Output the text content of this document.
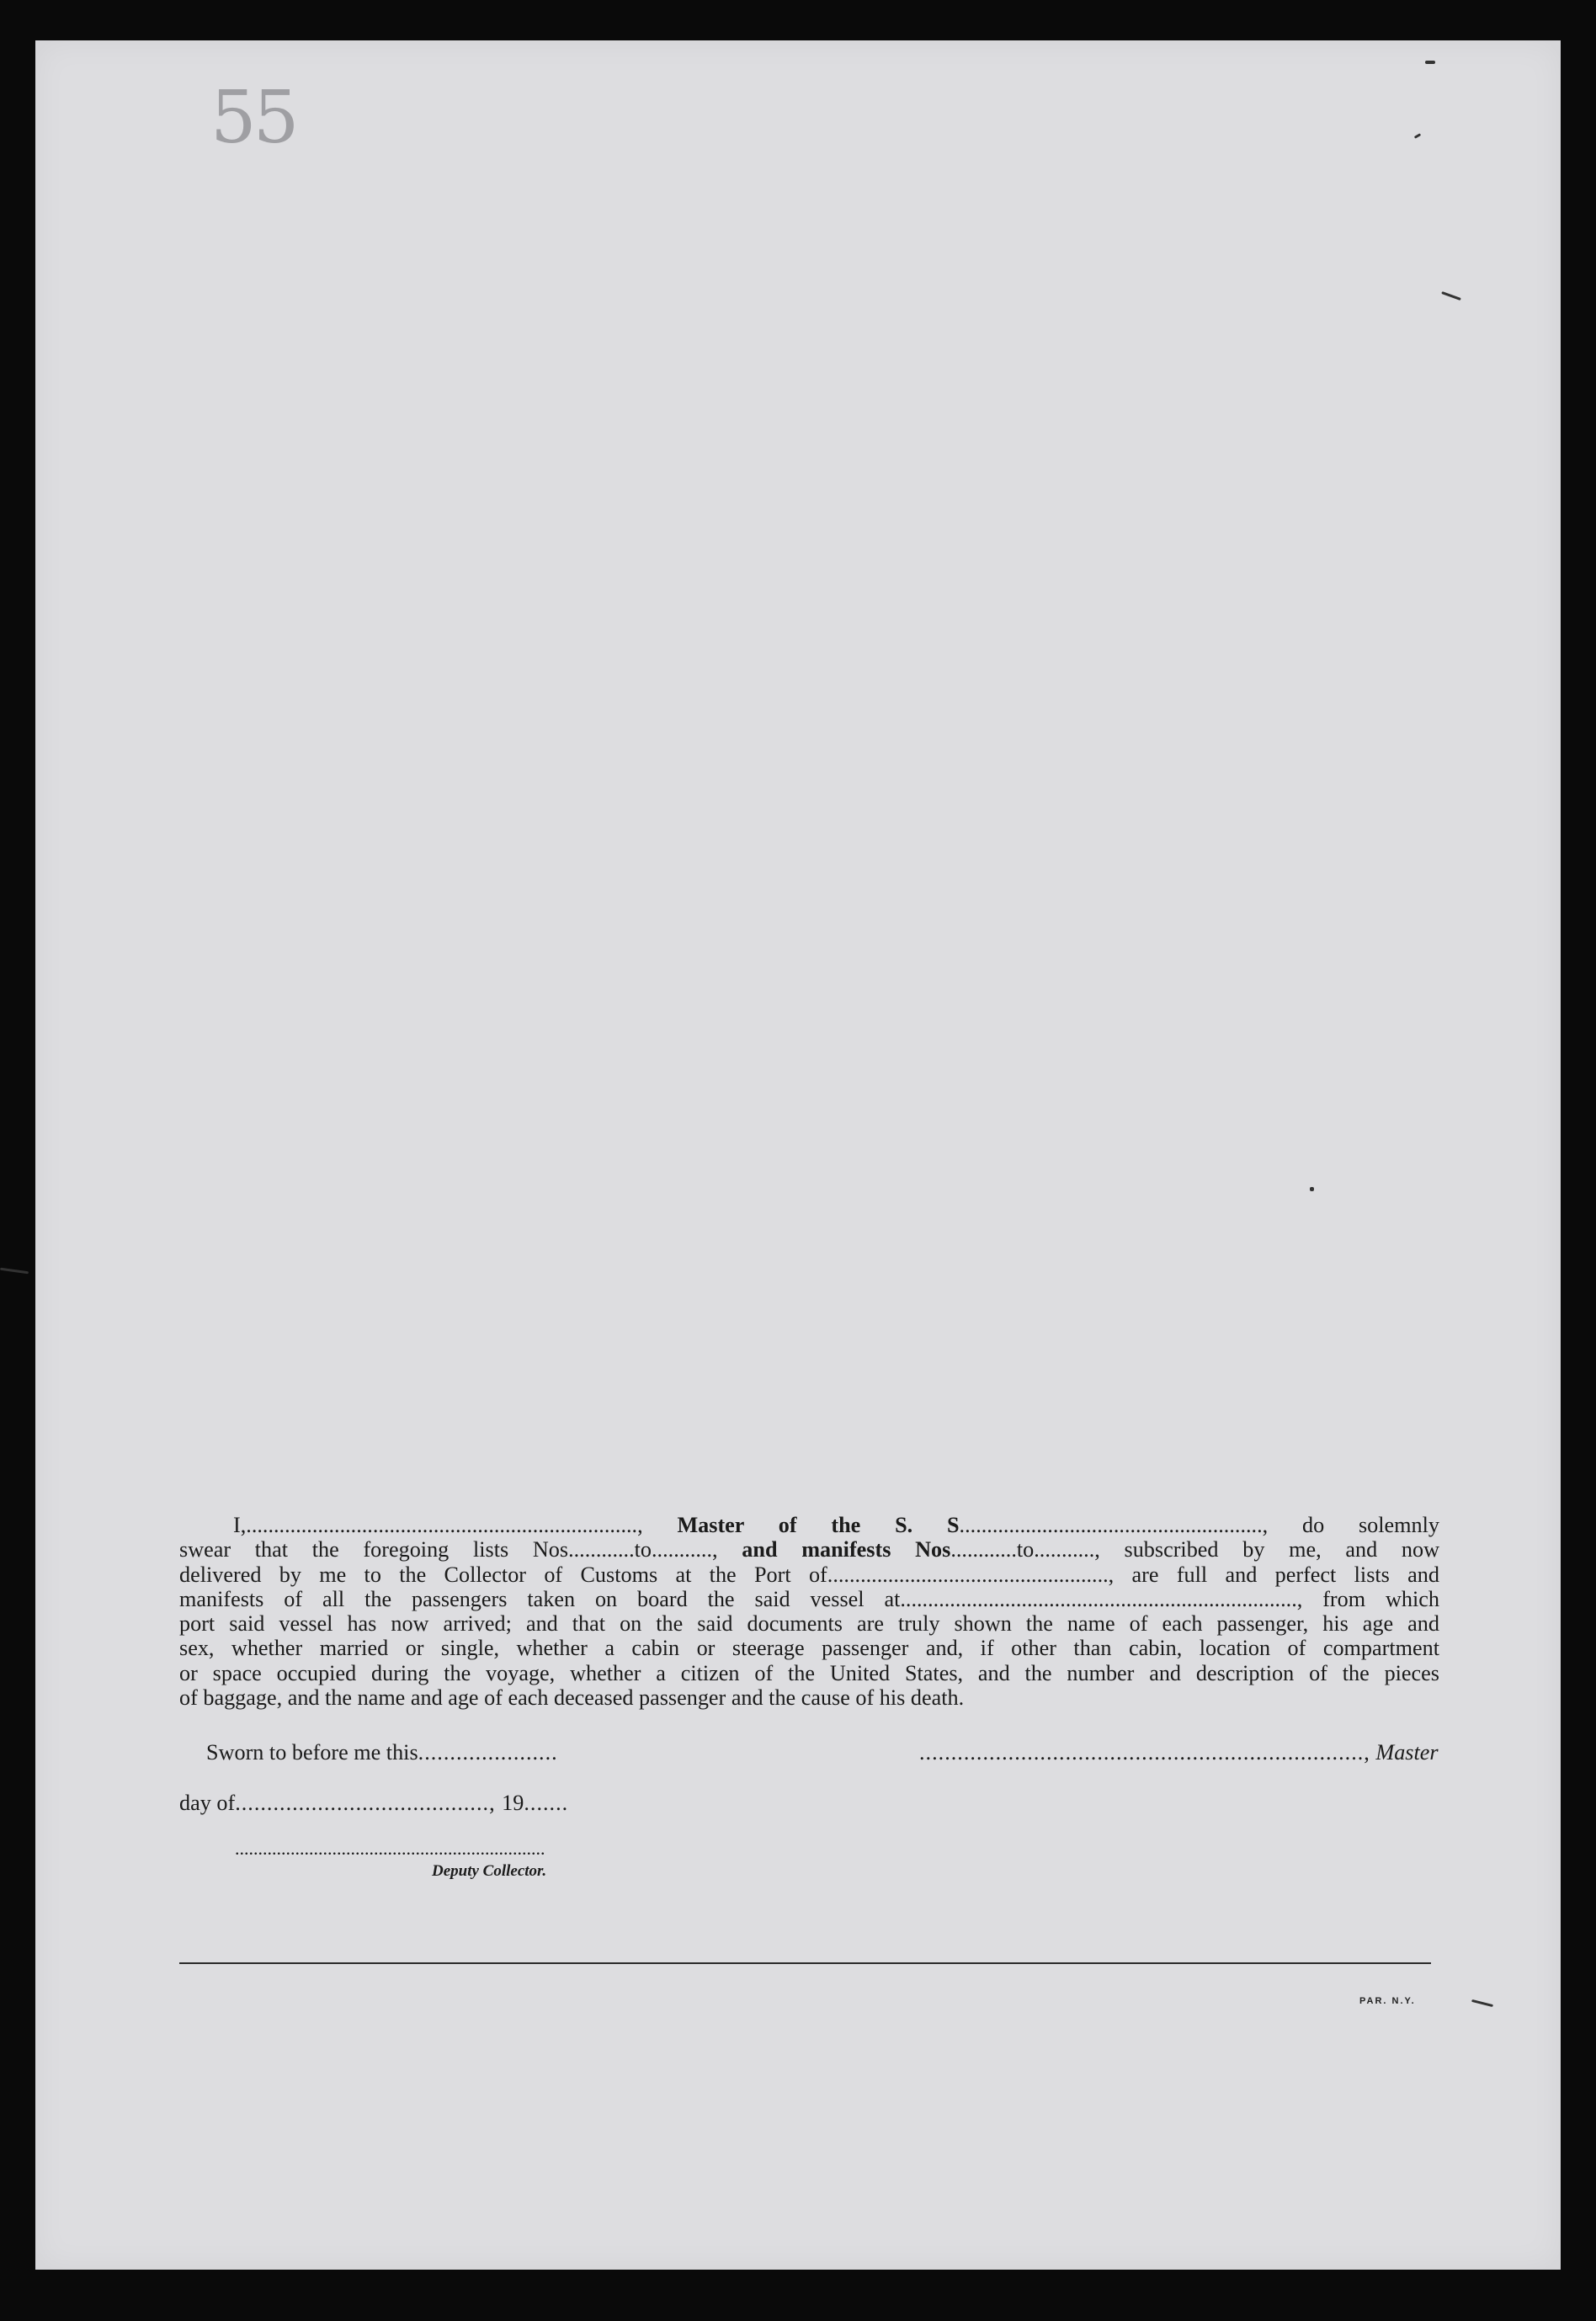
55
I,......................................................................., Master of the S. S......................................................., do solemnly
swear that the foregoing lists Nos............to..........., and manifests Nos............to..........., subscribed by me, and now
delivered by me to the Collector of Customs at the Port of..................................................., are full and perfect lists and
manifests of all the passengers taken on board the said vessel at........................................................................, from which
port said vessel has now arrived; and that on the said documents are truly shown the name of each passenger, his age and
sex, whether married or single, whether a cabin or steerage passenger and, if other than cabin, location of compartment
or space occupied during the voyage, whether a citizen of the United States, and the number and description of the pieces
of baggage, and the name and age of each deceased passenger and the cause of his death.
Sworn to before me this......................	......................................................................, Master
day of........................................, 19.......
...................................................................
Deputy Collector.
PAR. N.Y.
